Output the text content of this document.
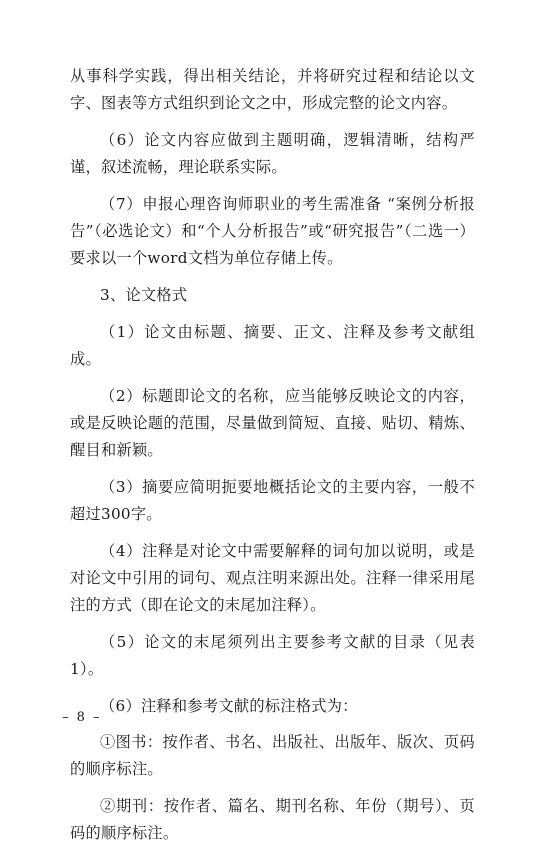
从事科学实践，得出相关结论，并将研究过程和结论以文字、图表等方式组织到论文之中，形成完整的论文内容。

（6）论文内容应做到主题明确，逻辑清晰，结构严谨，叙述流畅，理论联系实际。

（7）申报心理咨询师职业的考生需准备 “案例分析报告”（必选论文）和“个人分析报告”或“研究报告”（二选一）要求以一个word文档为单位存储上传。

3、论文格式

（1）论文由标题、摘要、正文、注释及参考文献组成。

（2）标题即论文的名称，应当能够反映论文的内容，或是反映论题的范围，尽量做到简短、直接、贴切、精炼、醒目和新颖。

（3）摘要应简明扼要地概括论文的主要内容，一般不超过300字。

（4）注释是对论文中需要解释的词句加以说明，或是对论文中引用的词句、观点注明来源出处。注释一律采用尾注的方式（即在论文的末尾加注释）。

（5）论文的末尾须列出主要参考文献的目录（见表1）。

（6）注释和参考文献的标注格式为：

①图书：按作者、书名、出版社、出版年、版次、页码的顺序标注。

②期刊：按作者、篇名、期刊名称、年份（期号）、页码的顺序标注。

– 8 –
